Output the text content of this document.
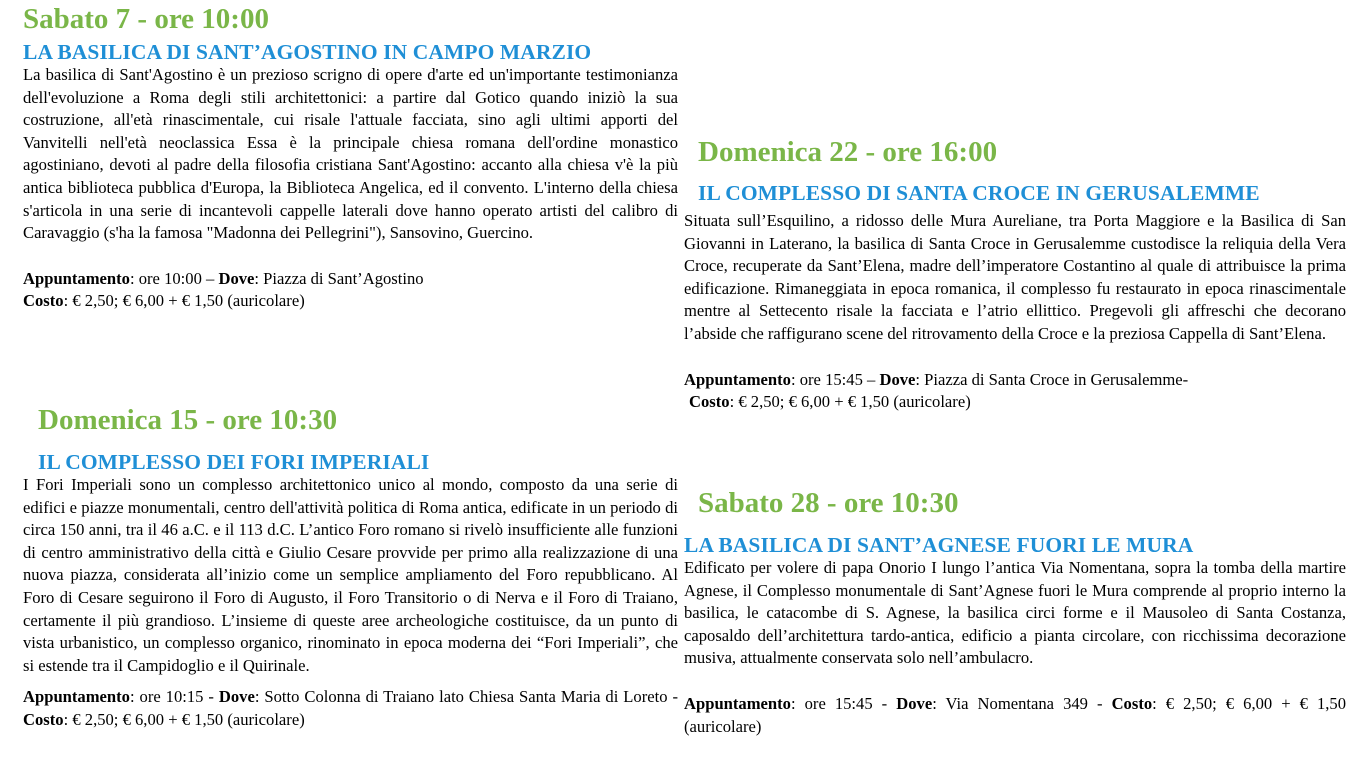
Sabato 7 - ore 10:00
LA BASILICA DI SANT’AGOSTINO IN CAMPO MARZIO

La basilica di Sant'Agostino è un prezioso scrigno di opere d'arte ed un'importante testimonianza dell'evoluzione a Roma degli stili architettonici: a partire dal Gotico quando iniziò la sua costruzione, all'età rinascimentale, cui risale l'attuale facciata, sino agli ultimi apporti del Vanvitelli nell'età neoclassica Essa è la principale chiesa romana dell'ordine monastico agostiniano, devoti al padre della filosofia cristiana Sant'Agostino: accanto alla chiesa v'è la più antica biblioteca pubblica d'Europa, la Biblioteca Angelica, ed il convento. L'interno della chiesa s'articola in una serie di incantevoli cappelle laterali dove hanno operato artisti del calibro di Caravaggio (s'ha la famosa "Madonna dei Pellegrini"), Sansovino, Guercino.

Appuntamento: ore 10:00 – Dove: Piazza di Sant’Agostino
Costo: € 2,50; € 6,00 + € 1,50 (auricolare)

Domenica 15 - ore 10:30
IL COMPLESSO DEI FORI IMPERIALI

I Fori Imperiali sono un complesso architettonico unico al mondo, composto da una serie di edifici e piazze monumentali, centro dell'attività politica di Roma antica, edificate in un periodo di circa 150 anni, tra il 46 a.C. e il 113 d.C. L’antico Foro romano si rivelò insufficiente alle funzioni di centro amministrativo della città e Giulio Cesare provvide per primo alla realizzazione di una nuova piazza, considerata all’inizio come un semplice ampliamento del Foro repubblicano. Al Foro di Cesare seguirono il Foro di Augusto, il Foro Transitorio o di Nerva e il Foro di Traiano, certamente il più grandioso. L’insieme di queste aree archeologiche costituisce, da un punto di vista urbanistico, un complesso organico, rinominato in epoca moderna dei “Fori Imperiali”, che si estende tra il Campidoglio e il Quirinale.

Appuntamento: ore 10:15 - Dove: Sotto Colonna di Traiano lato Chiesa Santa Maria di Loreto - Costo: € 2,50; € 6,00 + € 1,50 (auricolare)

Domenica 22 - ore 16:00
IL COMPLESSO DI SANTA CROCE IN GERUSALEMME

Situata sull’Esquilino, a ridosso delle Mura Aureliane, tra Porta Maggiore e la Basilica di San Giovanni in Laterano, la basilica di Santa Croce in Gerusalemme custodisce la reliquia della Vera Croce, recuperate da Sant’Elena, madre dell’imperatore Costantino al quale di attribuisce la prima edificazione. Rimaneggiata in epoca romanica, il complesso fu restaurato in epoca rinascimentale mentre al Settecento risale la facciata e l’atrio ellittico. Pregevoli gli affreschi che decorano l’abside che raffigurano scene del ritrovamento della Croce e la preziosa Cappella di Sant’Elena.

Appuntamento: ore 15:45 – Dove: Piazza di Santa Croce in Gerusalemme-
Costo: € 2,50; € 6,00 + € 1,50 (auricolare)

Sabato 28 - ore 10:30
LA BASILICA DI SANT’AGNESE FUORI LE MURA

Edificato per volere di papa Onorio I lungo l’antica Via Nomentana, sopra la tomba della martire Agnese, il Complesso monumentale di Sant’Agnese fuori le Mura comprende al proprio interno la basilica, le catacombe di S. Agnese, la basilica circi forme e il Mausoleo di Santa Costanza, caposaldo dell’architettura tardo-antica, edificio a pianta circolare, con ricchissima decorazione musiva, attualmente conservata solo nell’ambulacro.

Appuntamento: ore 15:45 - Dove: Via Nomentana 349 - Costo: € 2,50; € 6,00 + € 1,50 (auricolare)
